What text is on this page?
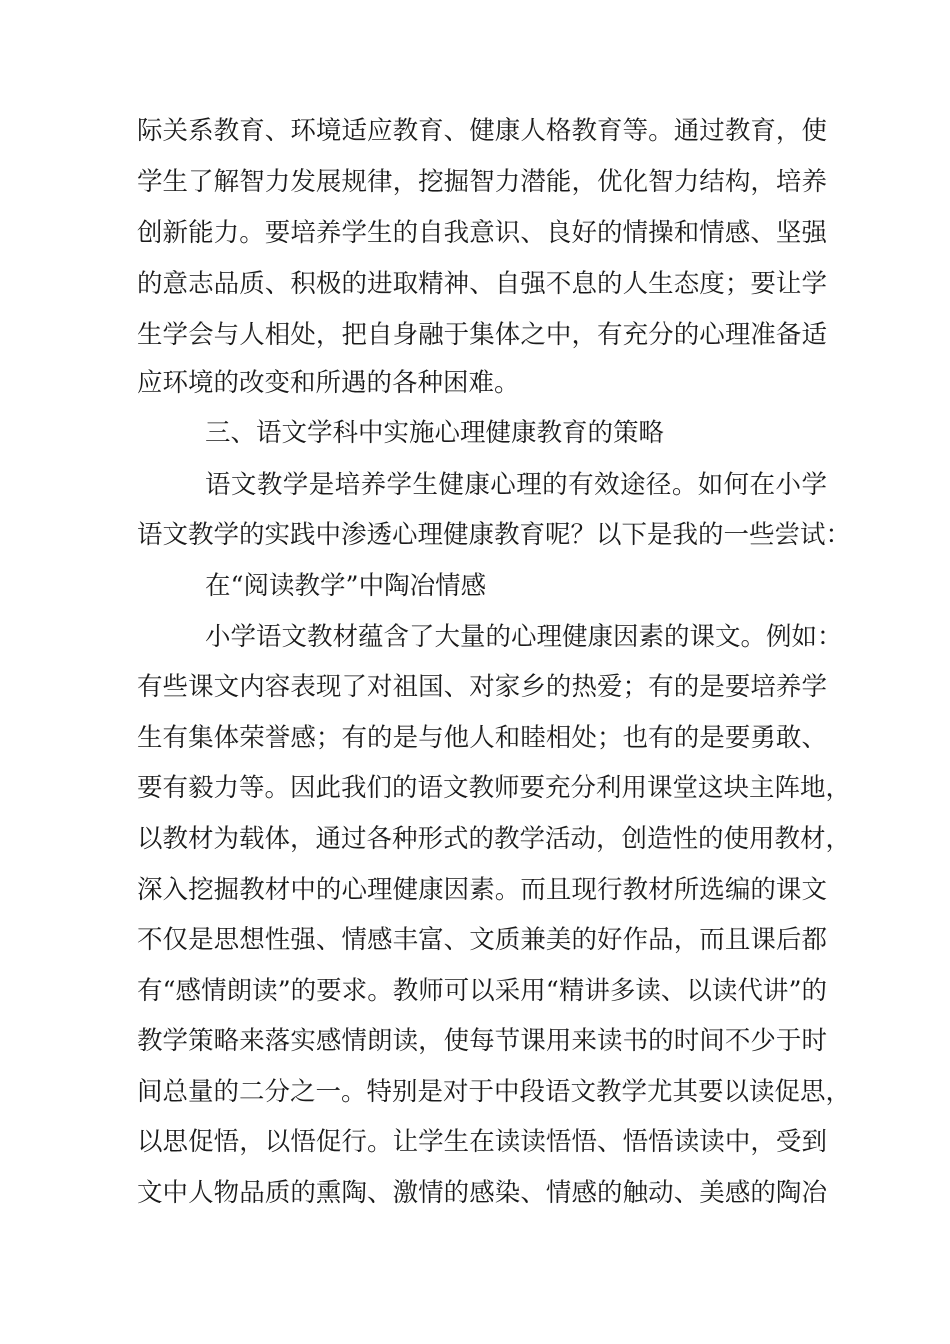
际关系教育、环境适应教育、健康人格教育等。通过教育，使
学生了解智力发展规律，挖掘智力潜能，优化智力结构，培养
创新能力。要培养学生的自我意识、良好的情操和情感、坚强
的意志品质、积极的进取精神、自强不息的人生态度；要让学
生学会与人相处，把自身融于集体之中，有充分的心理准备适
应环境的改变和所遇的各种困难。
三、语文学科中实施心理健康教育的策略
语文教学是培养学生健康心理的有效途径。如何在小学
语文教学的实践中渗透心理健康教育呢？以下是我的一些尝试：
在“阅读教学”中陶冶情感
小学语文教材蕴含了大量的心理健康因素的课文。例如：
有些课文内容表现了对祖国、对家乡的热爱；有的是要培养学
生有集体荣誉感；有的是与他人和睦相处；也有的是要勇敢、
要有毅力等。因此我们的语文教师要充分利用课堂这块主阵地，
以教材为载体，通过各种形式的教学活动，创造性的使用教材，
深入挖掘教材中的心理健康因素。而且现行教材所选编的课文
不仅是思想性强、情感丰富、文质兼美的好作品，而且课后都
有“感情朗读”的要求。教师可以采用“精讲多读、以读代讲”的
教学策略来落实感情朗读，使每节课用来读书的时间不少于时
间总量的二分之一。特别是对于中段语文教学尤其要以读促思，
以思促悟，以悟促行。让学生在读读悟悟、悟悟读读中，受到
文中人物品质的熏陶、激情的感染、情感的触动、美感的陶冶
